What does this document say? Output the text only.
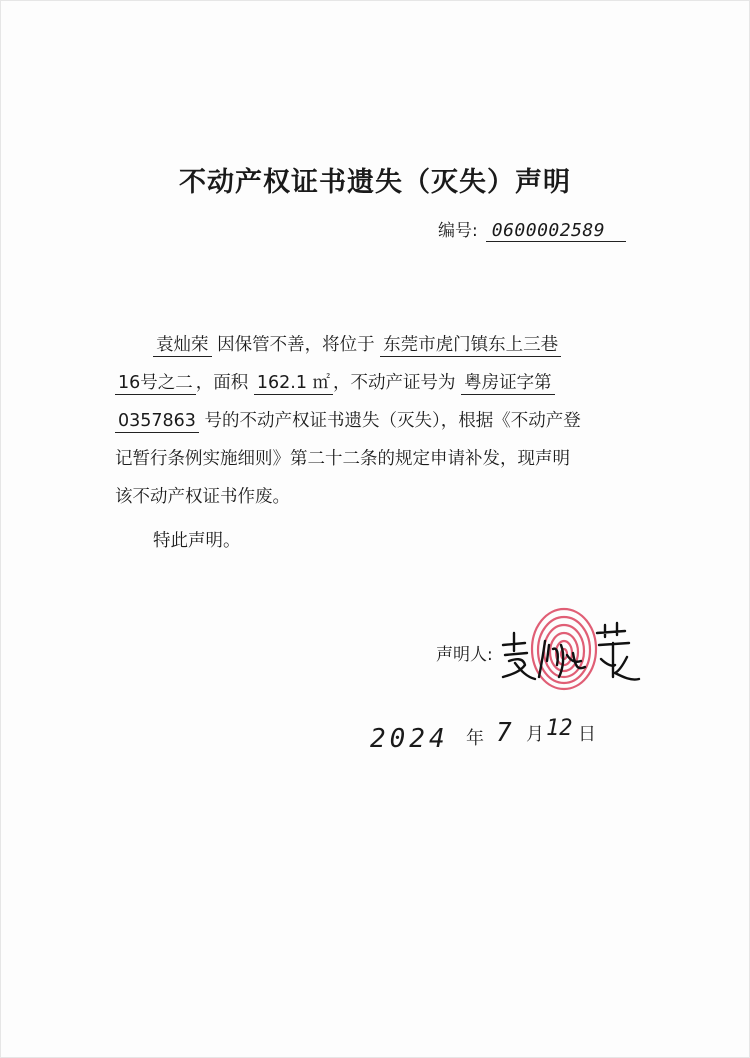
不动产权证书遗失（灭失）声明
编号: 0600002589
袁灿荣 因保管不善，将位于 东莞市虎门镇东上三巷
16号之二 ，面积 162.1 ㎡ ，不动产证号为 粤房证字第
0357863 号的不动产权证书遗失（灭失），根据《不动产登
记暂行条例实施细则》第二十二条的规定申请补发，现声明
该不动产权证书作废。
特此声明。
声明人:
2024 年 7 月 12 日
